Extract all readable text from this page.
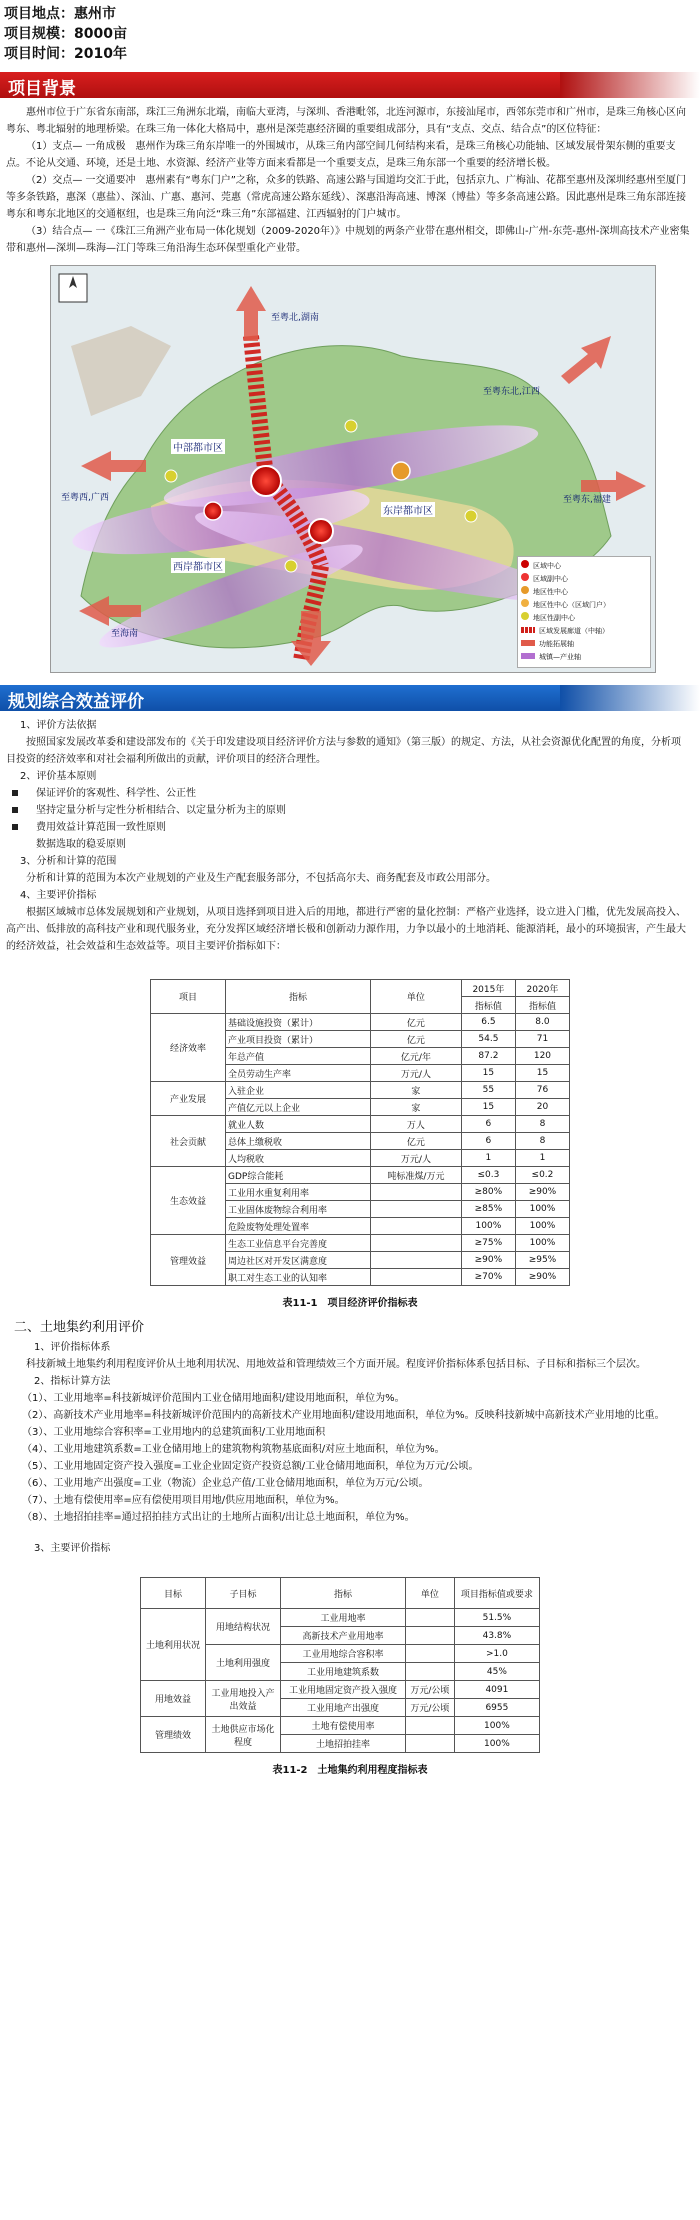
项目地点：惠州市
项目规模：8000亩
项目时间：2010年
项目背景

惠州市位于广东省东南部，珠江三角洲东北端，南临大亚湾，与深圳、香港毗邻，北连河源市，东接汕尾市，西邻东莞市和广州市，是珠三角核心区向粤东、粤北辐射的地理桥梁。在珠三角一体化大格局中，惠州是深莞惠经济圈的重要组成部分，具有“支点、交点、结合点”的区位特征：

（1）支点— 一角成极　惠州作为珠三角东岸唯一的外围城市，从珠三角内部空间几何结构来看，是珠三角核心功能轴、区域发展骨架东侧的重要支点。不论从交通、环境，还是土地、水资源、经济产业等方面来看都是一个重要支点，是珠三角东部一个重要的经济增长极。

（2）交点— 一交通要冲　惠州素有“粤东门户”之称，众多的铁路、高速公路与国道均交汇于此，包括京九、广梅汕、花都至惠州及深圳经惠州至厦门等多条铁路，惠深（惠盐）、深汕、广惠、惠河、莞惠（常虎高速公路东延线）、深惠沿海高速、博深（博盐）等多条高速公路。因此惠州是珠三角东部连接粤东和粤东北地区的交通枢纽，也是珠三角向泛“珠三角”东部福建、江西辐射的门户城市。

（3）结合点— 一《珠江三角洲产业布局一体化规划（2009-2020年）》中规划的两条产业带在惠州相交，即佛山-广州-东莞-惠州-深圳高技术产业密集带和惠州—深圳—珠海—江门等珠三角沿海生态环保型重化产业带。

至粤北,湖南
至粤东北,江西
至粤东,福建
至粤西,广西
至海南
中部都市区
东岸都市区
西岸都市区	区域中心
区域副中心
地区性中心
地区性中心（区域门户）
地区性副中心
区域发展廊道（中轴）
功能拓展轴
城镇—产业轴
规划综合效益评价
1、评价方法依据

按照国家发展改革委和建设部发布的《关于印发建设项目经济评价方法与参数的通知》（第三版）的规定、方法，从社会资源优化配置的角度，分析项目投资的经济效率和对社会福利所做出的贡献，评价项目的经济合理性。

2、评价基本原则
保证评价的客观性、科学性、公正性
坚持定量分析与定性分析相结合、以定量分析为主的原则
费用效益计算范围一致性原则
数据选取的稳妥原则
3、分析和计算的范围

分析和计算的范围为本次产业规划的产业及生产配套服务部分，不包括高尔夫、商务配套及市政公用部分。

4、主要评价指标

根据区域城市总体发展规划和产业规划，从项目选择到项目进入后的用地，都进行严密的量化控制：严格产业选择，设立进入门槛，优先发展高投入、高产出、低排放的高科技产业和现代服务业，充分发挥区域经济增长极和创新动力源作用，力争以最小的土地消耗、能源消耗，最小的环境损害，产生最大的经济效益，社会效益和生态效益等。项目主要评价指标如下：

项目	指标	单位	2015年	2020年
			指标值	指标值
经济效率	基础设施投资（累计）	亿元	6.5	8.0
	产业项目投资（累计）	亿元	54.5	71
	年总产值	亿元/年	87.2	120
	全员劳动生产率	万元/人	15	15
产业发展	入驻企业	家	55	76
	产值亿元以上企业	家	15	20
社会贡献	就业人数	万人	6	8
	总体上缴税收	亿元	6	8
	人均税收	万元/人	1	1
生态效益	GDP综合能耗	吨标准煤/万元	≤0.3	≤0.2
	工业用水重复利用率		≥80%	≥90%
	工业固体废物综合利用率		≥85%	100%
	危险废物处理处置率		100%	100%
管理效益	生态工业信息平台完善度		≥75%	100%
	周边社区对开发区满意度		≥90%	≥95%
	职工对生态工业的认知率		≥70%	≥90%
表11-1　项目经济评价指标表
二、土地集约利用评价
1、评价指标体系

科技新城土地集约利用程度评价从土地利用状况、用地效益和管理绩效三个方面开展。程度评价指标体系包括目标、子目标和指标三个层次。

2、指标计算方法
（1）、工业用地率=科技新城评价范围内工业仓储用地面积/建设用地面积，单位为%。
（2）、高新技术产业用地率=科技新城评价范围内的高新技术产业用地面积/建设用地面积，单位为%。反映科技新城中高新技术产业用地的比重。
（3）、工业用地综合容积率=工业用地内的总建筑面积/工业用地面积
（4）、工业用地建筑系数=工业仓储用地上的建筑物构筑物基底面积/对应土地面积，单位为%。
（5）、工业用地固定资产投入强度=工业企业固定资产投资总额/工业仓储用地面积，单位为万元/公顷。
（6）、工业用地产出强度=工业（物流）企业总产值/工业仓储用地面积，单位为万元/公顷。
（7）、土地有偿使用率=应有偿使用项目用地/供应用地面积，单位为%。
（8）、土地招拍挂率=通过招拍挂方式出让的土地所占面积/出让总土地面积，单位为%。
3、主要评价指标
目标	子目标	指标	单位	项目指标值或要求
土地利用状况	用地结构状况	工业用地率		51.5%
		高新技术产业用地率		43.8%
	土地利用强度	工业用地综合容积率		>1.0
		工业用地建筑系数		45%
用地效益	工业用地投入产出效益	工业用地固定资产投入强度	万元/公顷	4091
		工业用地产出强度	万元/公顷	6955
管理绩效	土地供应市场化程度	土地有偿使用率		100%
		土地招拍挂率		100%
表11-2　土地集约利用程度指标表
